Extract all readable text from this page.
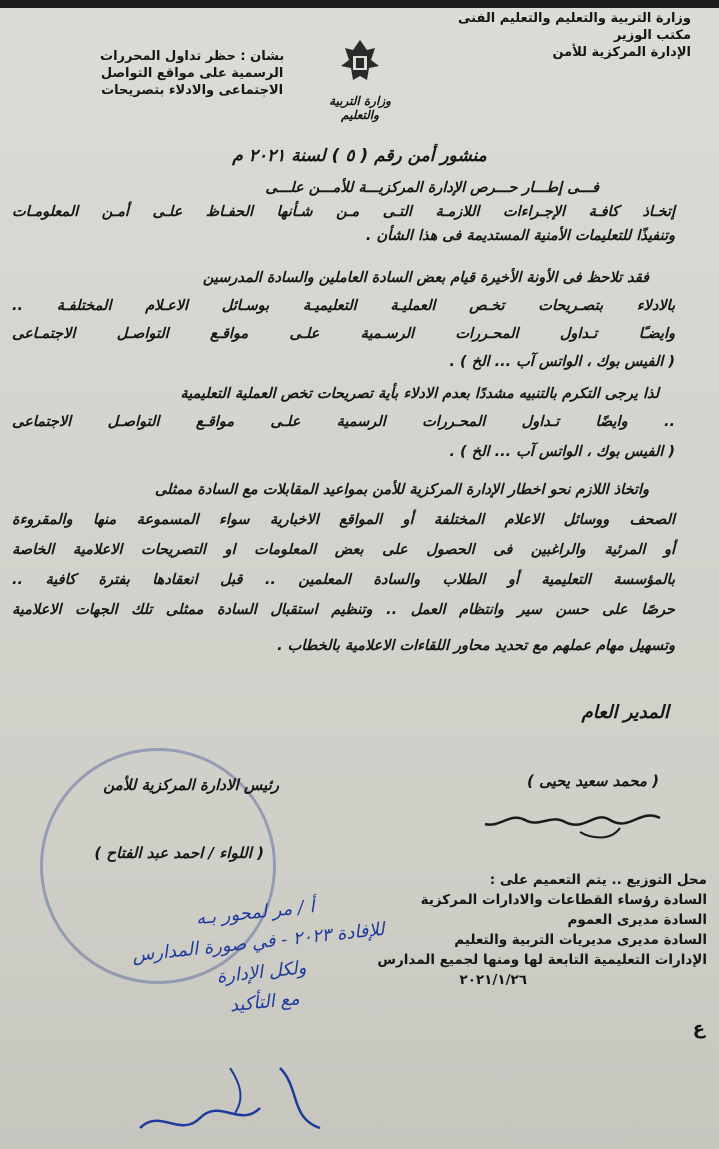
وزارة التربية والتعليم والتعليم الفنى
مكتب الوزير
الإدارة المركزية للأمن
وزارة التربية والتعليم
بشان : حظر تداول المحررات
الرسمية على مواقع التواصل
الاجتماعى والادلاء بتصريحات
منشور أمن رقم ( ٥ ) لسنة ٢٠٢١ م
فـــى إطـــار حـــرص الإدارة المركزيـــة للأمـــن علـــى
إتخـاذ كافـة الإجـراءات اللازمـة التـى مـن شـأنها الحفـاظ علـى أمـن المعلومـات
وتنفيذًا للتعليمات الأمنية المستديمة فى هذا الشأن .
فقد تلاحظ فى الأونة الأخيرة قيام بعض السادة العاملين والسادة المدرسين
بالادلاء بتصـريحات تخـص العمليـة التعليميـة بوسـائل الاعـلام المختلفـة ..
وايضـًا تـداول المحـررات الرسـمية علـى مواقـع التواصـل الاجتمـاعى
( الفيس بوك ، الواتس آب ... الخ ) .
لذا يرجى التكرم بالتنبيه مشددًا بعدم الادلاء بأية تصريحات تخص العملية التعليمية
.. وايضًا تـداول المحـررات الرسمية علـى مواقـع التواصـل الاجتماعى
( الفيس بوك ، الواتس آب ... الخ ) .
واتخاذ اللازم نحو اخطار الإدارة المركزية للأمن بمواعيد المقابلات مع السادة ممثلى
الصحف ووسائل الاعلام المختلفة أو المواقع الاخبارية سواء المسموعة منها والمقروءة
أو المرئية والراغبين فى الحصول على بعض المعلومات او التصريحات الاعلامية الخاصة
بالمؤسسة التعليمية أو الطلاب والسادة المعلمين .. قبل انعقادها بفترة كافية ..
حرصًا على حسن سير وانتظام العمل .. وتنظيم استقبال السادة ممثلى تلك الجهات الاعلامية
وتسهيل مهام عملهم مع تحديد محاور اللقاءات الاعلامية بالخطاب .
المدير العام
( محمد سعيد يحيى )
رئيس الادارة المركزية للأمن
( اللواء / احمد عبد الفتاح )
محل التوزيع .. يتم التعميم على :
السادة رؤساء القطاعات والادارات المركزية
السادة مديرى العموم
السادة مديرى مديريات التربية والتعليم
الإدارات التعليمية التابعة لها ومنها لجميع المدارس
٢٠٢١/١/٢٦
ع
أ / مر لمحور بـه
للإفادة ٢٠٢٣ - في صورة المدارس
ولكل الإدارة
مع التأكيد
